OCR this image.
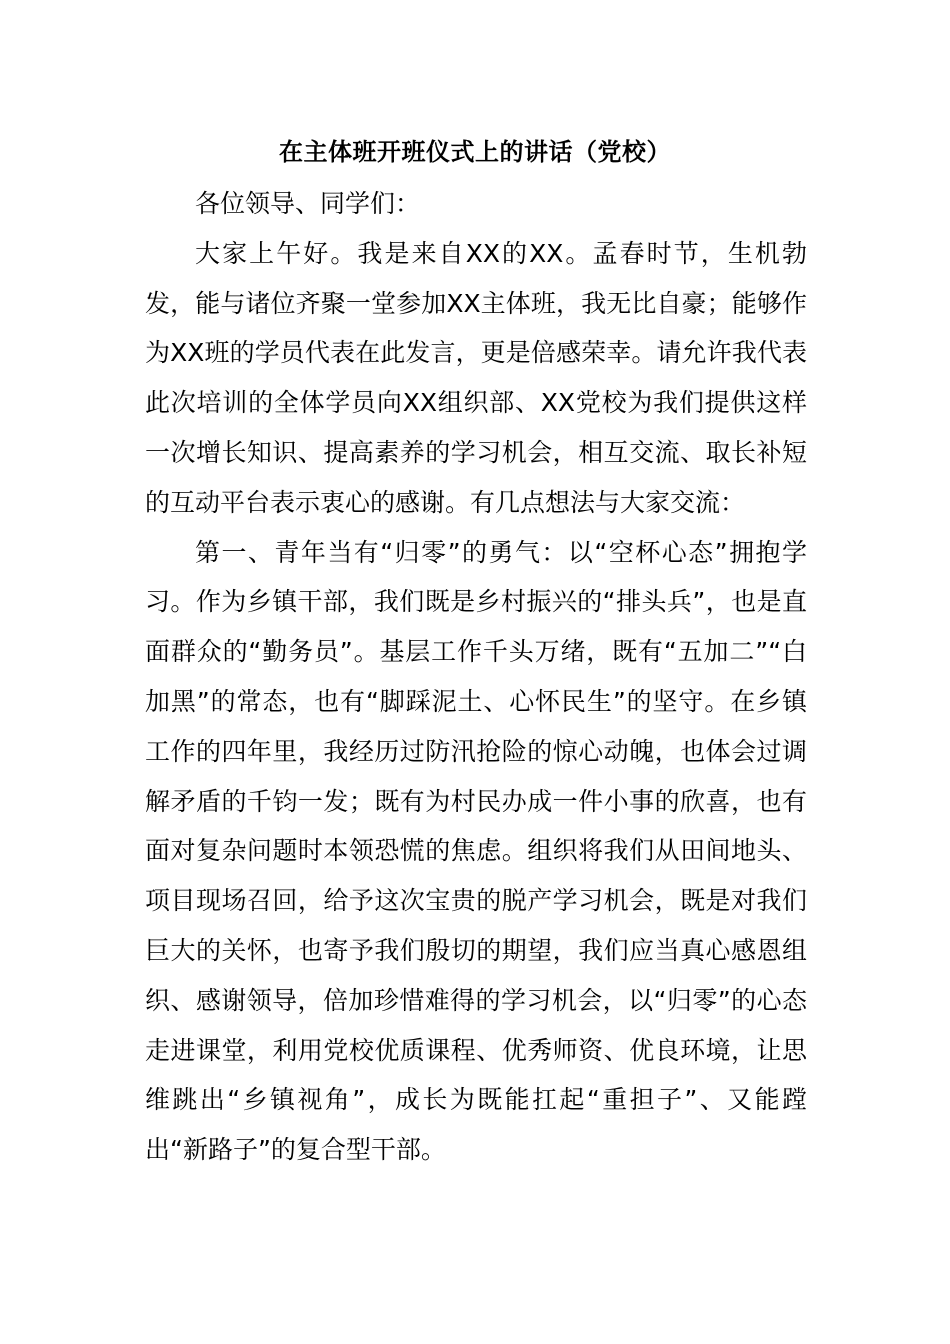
在主体班开班仪式上的讲话（党校）

各位领导、同学们：

大家上午好。我是来自XX的XX。孟春时节，生机勃发，能与诸位齐聚一堂参加XX主体班，我无比自豪；能够作为XX班的学员代表在此发言，更是倍感荣幸。请允许我代表此次培训的全体学员向XX组织部、XX党校为我们提供这样一次增长知识、提高素养的学习机会，相互交流、取长补短的互动平台表示衷心的感谢。有几点想法与大家交流：

第一、青年当有“归零”的勇气：以“空杯心态”拥抱学习。作为乡镇干部，我们既是乡村振兴的“排头兵”，也是直面群众的“勤务员”。基层工作千头万绪，既有“五加二”“白加黑”的常态，也有“脚踩泥土、心怀民生”的坚守。在乡镇工作的四年里，我经历过防汛抢险的惊心动魄，也体会过调解矛盾的千钧一发；既有为村民办成一件小事的欣喜，也有面对复杂问题时本领恐慌的焦虑。组织将我们从田间地头、项目现场召回，给予这次宝贵的脱产学习机会，既是对我们巨大的关怀，也寄予我们殷切的期望，我们应当真心感恩组织、感谢领导，倍加珍惜难得的学习机会，以“归零”的心态走进课堂，利用党校优质课程、优秀师资、优良环境，让思维跳出“乡镇视角”，成长为既能扛起“重担子”、又能蹚出“新路子”的复合型干部。
